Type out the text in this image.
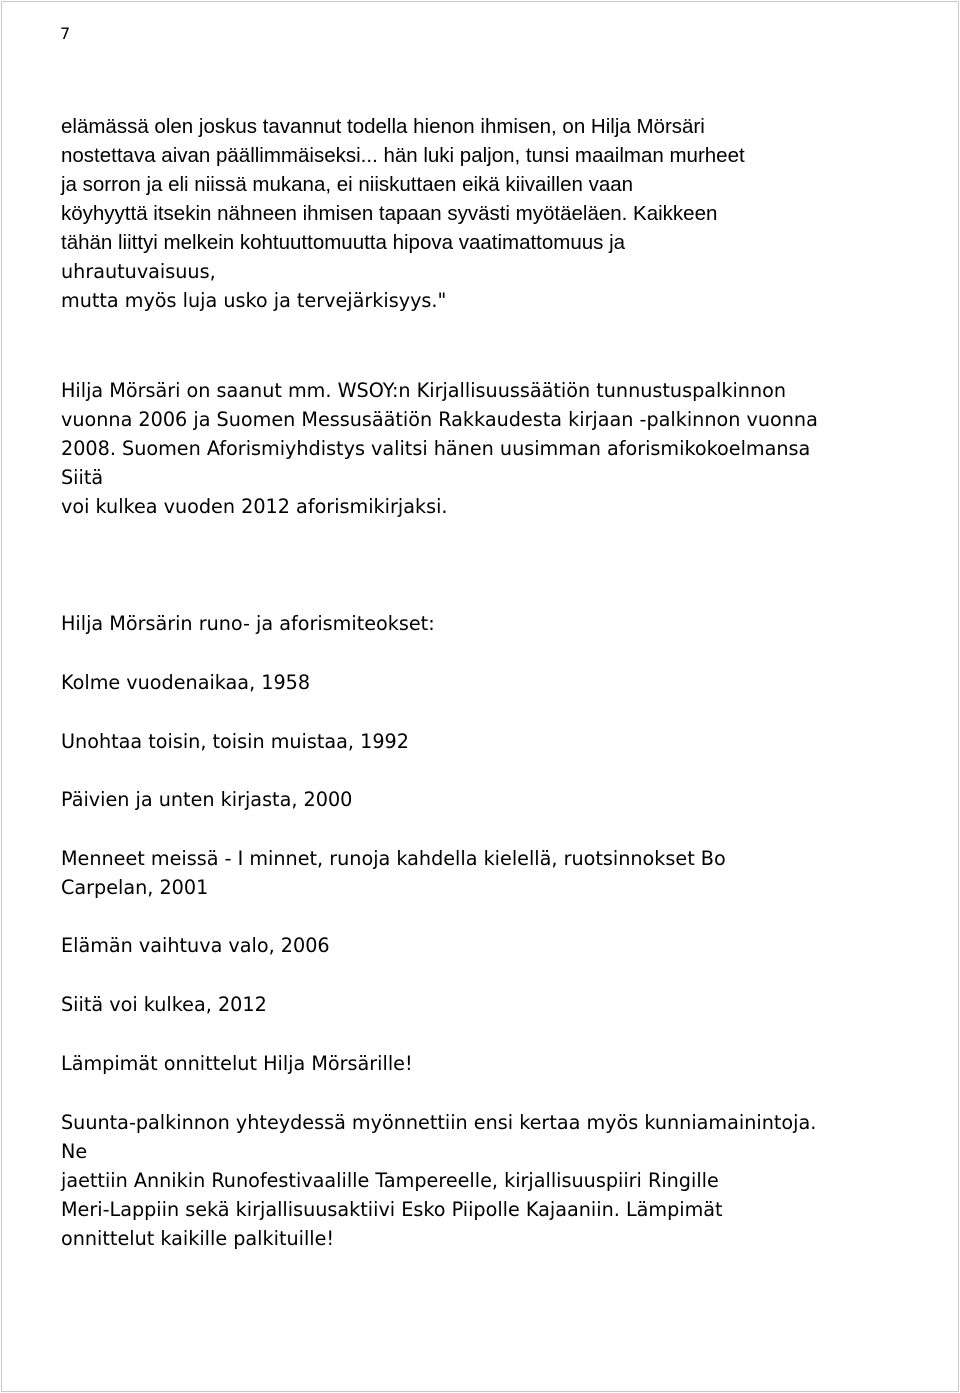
7
elämässä olen joskus tavannut todella hienon ihmisen, on Hilja Mörsäri
nostettava aivan päällimmäiseksi... hän luki paljon, tunsi maailman murheet
ja sorron ja eli niissä mukana, ei niiskuttaen eikä kiivaillen vaan
köyhyyttä itsekin nähneen ihmisen tapaan syvästi myötäeläen. Kaikkeen
tähän liittyi melkein kohtuuttomuutta hipova vaatimattomuus ja
uhrautuvaisuus,
mutta myös luja usko ja tervejärkisyys."
Hilja Mörsäri on saanut mm. WSOY:n Kirjallisuussäätiön tunnustuspalkinnon
vuonna 2006 ja Suomen Messusäätiön Rakkaudesta kirjaan -palkinnon vuonna
2008. Suomen Aforismiyhdistys valitsi hänen uusimman aforismikokoelmansa
Siitä
voi kulkea vuoden 2012 aforismikirjaksi.
Hilja Mörsärin runo- ja aforismiteokset:
Kolme vuodenaikaa, 1958
Unohtaa toisin, toisin muistaa, 1992
Päivien ja unten kirjasta, 2000
Menneet meissä - I minnet, runoja kahdella kielellä, ruotsinnokset Bo
Carpelan, 2001
Elämän vaihtuva valo, 2006
Siitä voi kulkea, 2012
Lämpimät onnittelut Hilja Mörsärille!
Suunta-palkinnon yhteydessä myönnettiin ensi kertaa myös kunniamainintoja.
Ne
jaettiin Annikin Runofestivaalille Tampereelle, kirjallisuuspiiri Ringille
Meri-Lappiin sekä kirjallisuusaktiivi Esko Piipolle Kajaaniin. Lämpimät
onnittelut kaikille palkituille!
